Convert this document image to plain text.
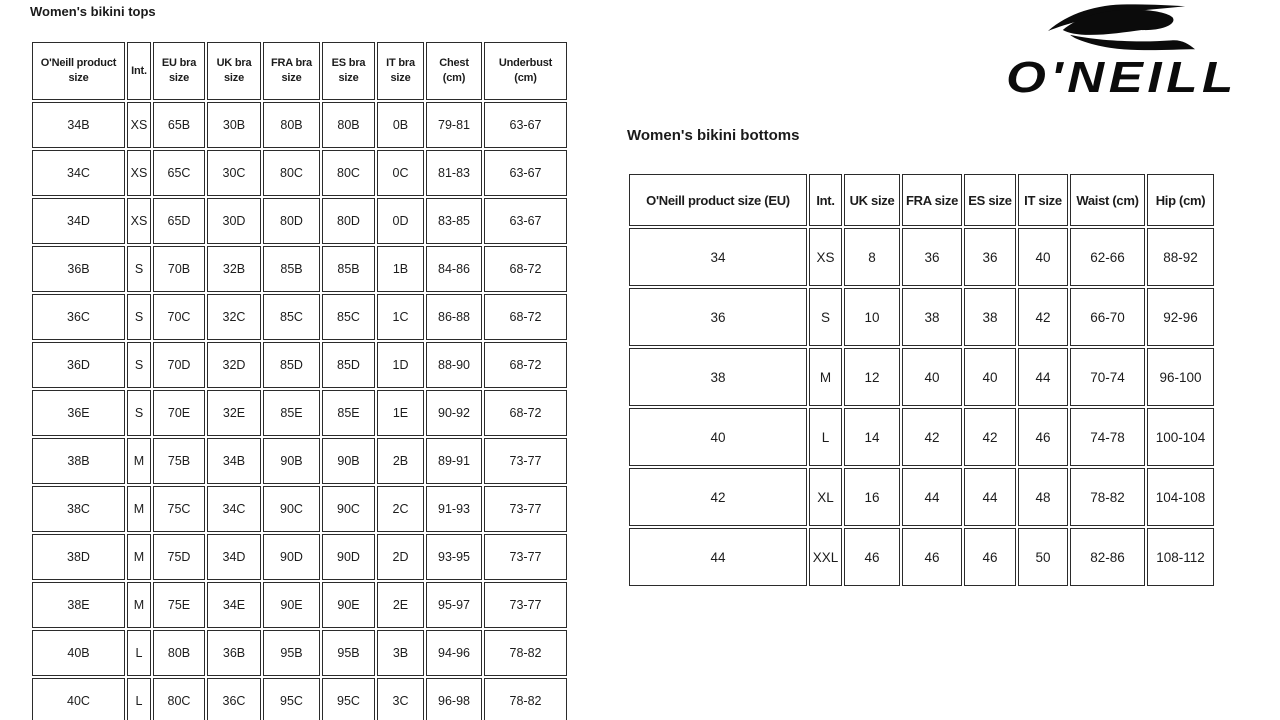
Women's bikini tops
O'Neill product size	Int.	EU bra size	UK bra size	FRA bra size	ES bra size	IT bra size	Chest (cm)	Underbust (cm)
34B	XS	65B	30B	80B	80B	0B	79-81	63-67
34C	XS	65C	30C	80C	80C	0C	81-83	63-67
34D	XS	65D	30D	80D	80D	0D	83-85	63-67
36B	S	70B	32B	85B	85B	1B	84-86	68-72
36C	S	70C	32C	85C	85C	1C	86-88	68-72
36D	S	70D	32D	85D	85D	1D	88-90	68-72
36E	S	70E	32E	85E	85E	1E	90-92	68-72
38B	M	75B	34B	90B	90B	2B	89-91	73-77
38C	M	75C	34C	90C	90C	2C	91-93	73-77
38D	M	75D	34D	90D	90D	2D	93-95	73-77
38E	M	75E	34E	90E	90E	2E	95-97	73-77
40B	L	80B	36B	95B	95B	3B	94-96	78-82
40C	L	80C	36C	95C	95C	3C	96-98	78-82
O'NEILL
Women's bikini bottoms
O'Neill product size (EU)	Int.	UK size	FRA size	ES size	IT size	Waist (cm)	Hip (cm)
34	XS	8	36	36	40	62-66	88-92
36	S	10	38	38	42	66-70	92-96
38	M	12	40	40	44	70-74	96-100
40	L	14	42	42	46	74-78	100-104
42	XL	16	44	44	48	78-82	104-108
44	XXL	46	46	46	50	82-86	108-112
